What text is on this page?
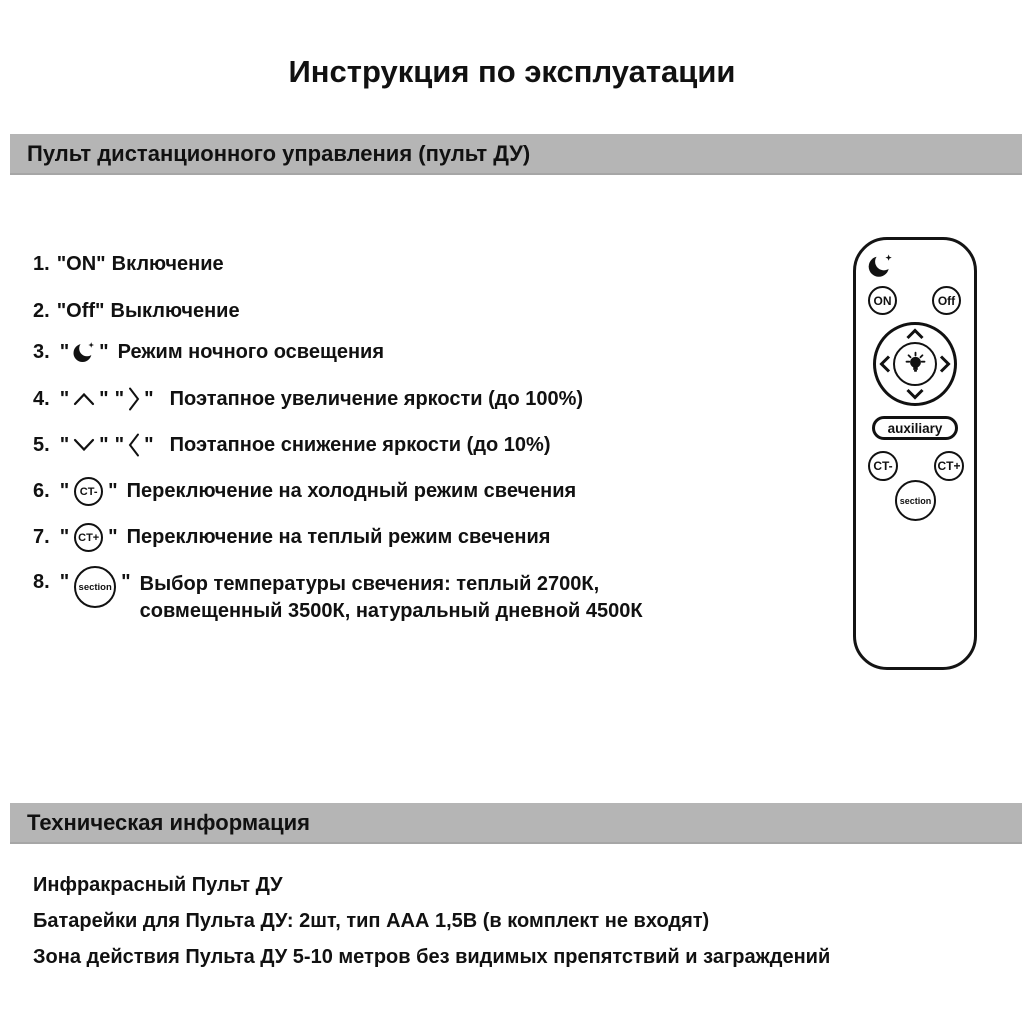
Инструкция по эксплуатации
Пульт дистанционного управления (пульт ДУ)
1. "ON" Включение
2. "Off" Выключение
3. " " Режим ночного освещения
4. " " " " Поэтапное увеличение яркости (до 100%)
5. " " " " Поэтапное снижение яркости (до 10%)
6. " CT- " Переключение на холодный режим свечения
7. " CT+ " Переключение на теплый режим свечения
8. " section " Выбор температуры свечения: теплый 2700К,
совмещенный 3500К, натуральный дневной 4500К
ON	Off
auxiliary
CT-	CT+
section
Техническая информация
Инфракрасный Пульт ДУ
Батарейки для Пульта ДУ: 2шт, тип ААА 1,5В (в комплект не входят)
Зона действия Пульта ДУ 5-10 метров без видимых препятствий и заграждений
